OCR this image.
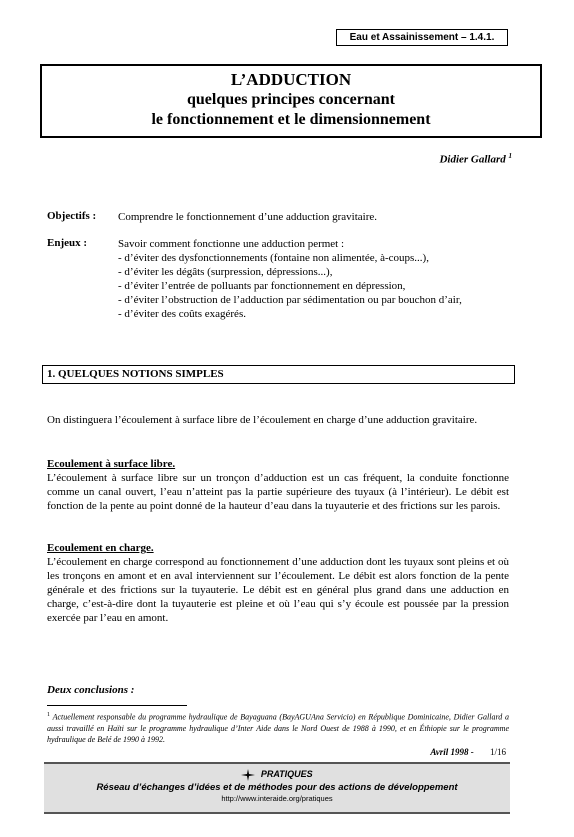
Eau et Assainissement – 1.4.1.
L’ADDUCTION
quelques principes concernant
le fonctionnement et le dimensionnement
Didier Gallard $^1$
Objectifs : Comprendre le fonctionnement d’une adduction gravitaire.
Enjeux :	Savoir comment fonctionne une adduction permet :
- d’éviter des dysfonctionnements (fontaine non alimentée, à-coups...),
- d’éviter les dégâts (surpression, dépressions...),
- d’éviter l’entrée de polluants par fonctionnement en dépression,
- d’éviter l’obstruction de l’adduction par sédimentation ou par bouchon d’air,
- d’éviter des coûts exagérés.
1. QUELQUES NOTIONS SIMPLES
On distinguera l’écoulement à surface libre de l’écoulement en charge d’une adduction gravitaire.
Ecoulement à surface libre.
L’écoulement à surface libre sur un tronçon d’adduction est un cas fréquent, la conduite fonctionne comme un canal ouvert, l’eau n’atteint pas la partie supérieure des tuyaux (à l’intérieur). Le débit est fonction de la pente au point donné de la hauteur d’eau dans la tuyauterie et des frictions sur les parois.
Ecoulement en charge.
L’écoulement en charge correspond au fonctionnement d’une adduction dont les tuyaux sont pleins et où les tronçons en amont et en aval interviennent sur l’écoulement. Le débit est alors fonction de la pente générale et des frictions sur la tuyauterie. Le débit est en général plus grand dans une adduction en charge, c’est-à-dire dont la tuyauterie est pleine et où l’eau qui s’y écoule est poussée par la pression exercée par l’eau en amont.
Deux conclusions :
$^1$ Actuellement responsable du programme hydraulique de Bayaguana (BayAGUAna Servicio) en République Dominicaine, Didier Gallard a aussi travaillé en Haïti sur le programme hydraulique d’Inter Aide dans le Nord Ouest de 1988 à 1990, et en Éthiopie sur le programme hydraulique de Belé de 1990 à 1992.
Avril 1998 - 1/16
PRATIQUES
Réseau d’échanges d’idées et de méthodes pour des actions de développement
http://www.interaide.org/pratiques
